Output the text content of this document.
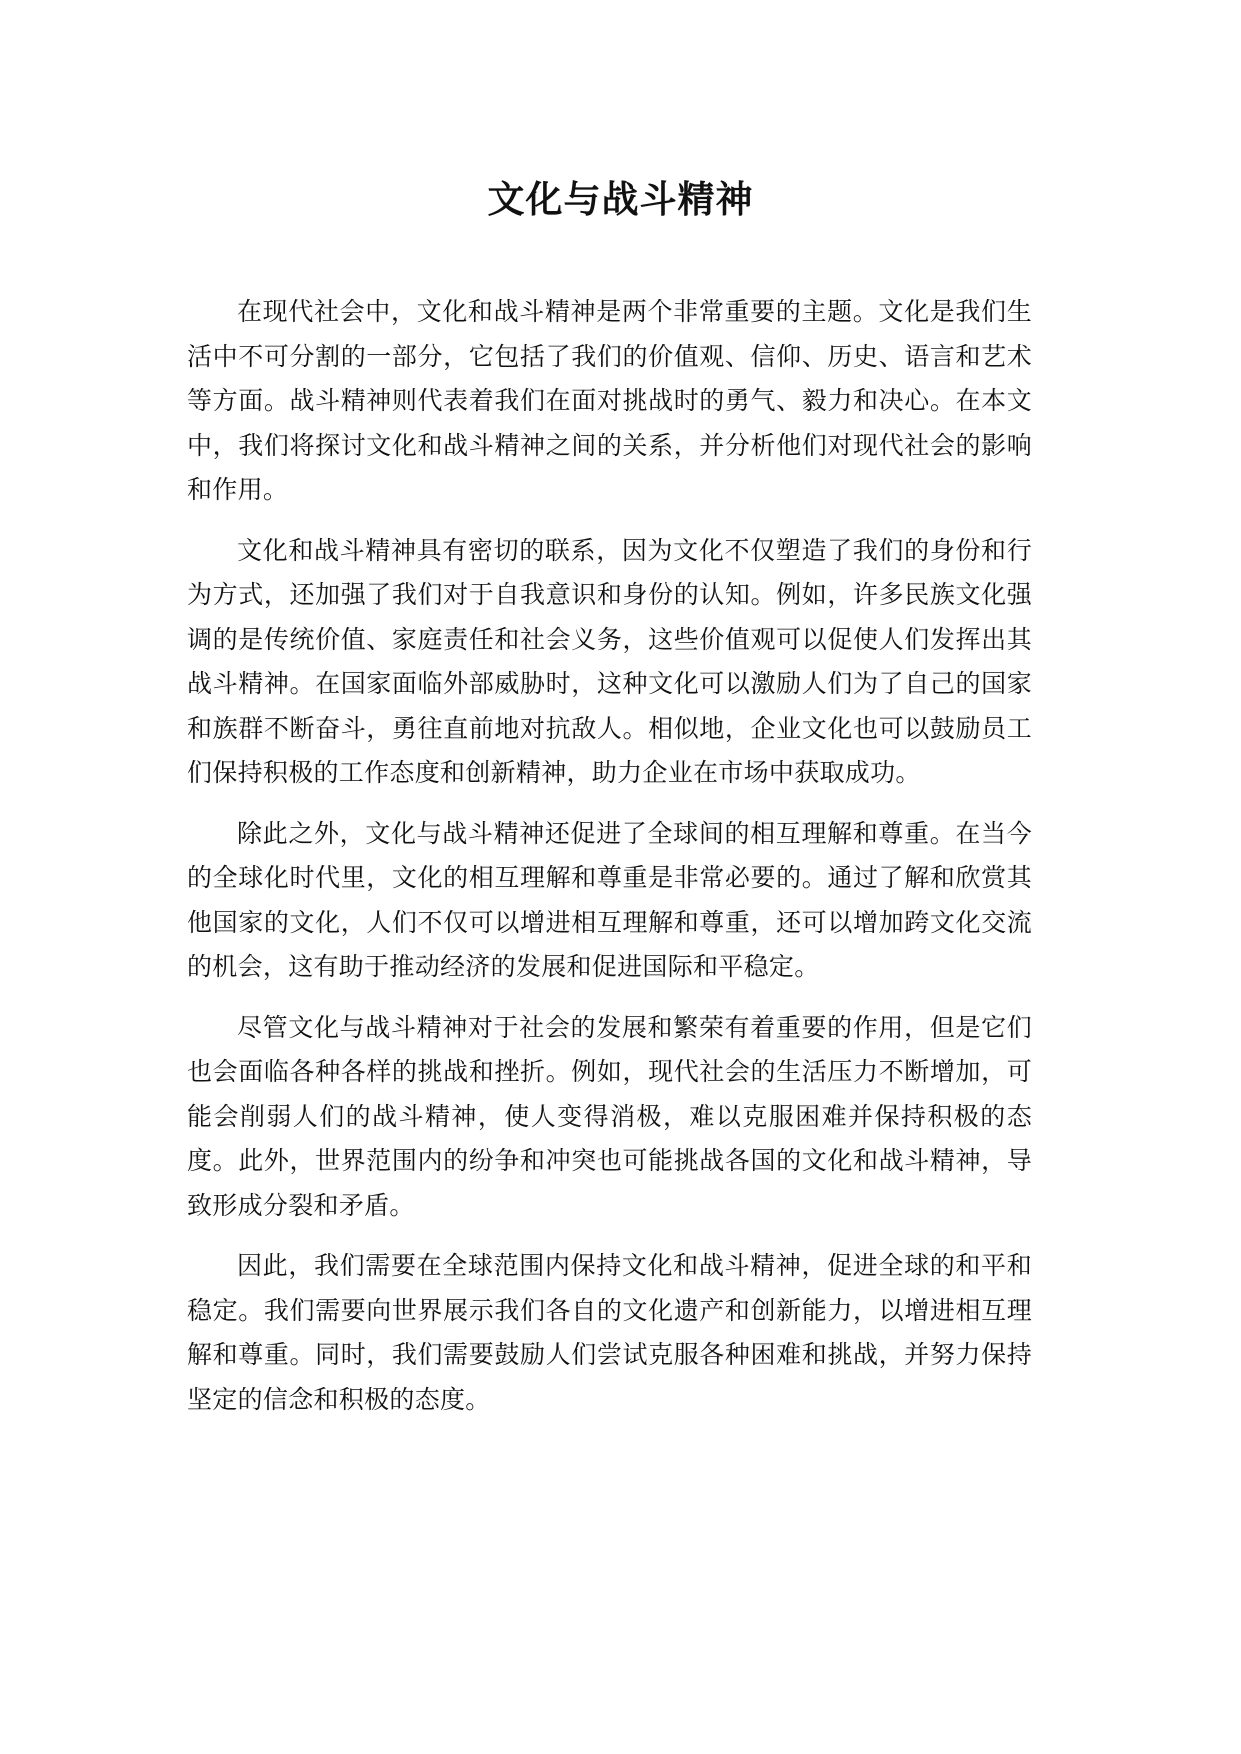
文化与战斗精神

在现代社会中，文化和战斗精神是两个非常重要的主题。文化是我们生活中不可分割的一部分，它包括了我们的价值观、信仰、历史、语言和艺术等方面。战斗精神则代表着我们在面对挑战时的勇气、毅力和决心。在本文中，我们将探讨文化和战斗精神之间的关系，并分析他们对现代社会的影响和作用。

文化和战斗精神具有密切的联系，因为文化不仅塑造了我们的身份和行为方式，还加强了我们对于自我意识和身份的认知。例如，许多民族文化强调的是传统价值、家庭责任和社会义务，这些价值观可以促使人们发挥出其战斗精神。在国家面临外部威胁时，这种文化可以激励人们为了自己的国家和族群不断奋斗，勇往直前地对抗敌人。相似地，企业文化也可以鼓励员工们保持积极的工作态度和创新精神，助力企业在市场中获取成功。

除此之外，文化与战斗精神还促进了全球间的相互理解和尊重。在当今的全球化时代里，文化的相互理解和尊重是非常必要的。通过了解和欣赏其他国家的文化，人们不仅可以增进相互理解和尊重，还可以增加跨文化交流的机会，这有助于推动经济的发展和促进国际和平稳定。

尽管文化与战斗精神对于社会的发展和繁荣有着重要的作用，但是它们也会面临各种各样的挑战和挫折。例如，现代社会的生活压力不断增加，可能会削弱人们的战斗精神，使人变得消极，难以克服困难并保持积极的态度。此外，世界范围内的纷争和冲突也可能挑战各国的文化和战斗精神，导致形成分裂和矛盾。

因此，我们需要在全球范围内保持文化和战斗精神，促进全球的和平和稳定。我们需要向世界展示我们各自的文化遗产和创新能力，以增进相互理解和尊重。同时，我们需要鼓励人们尝试克服各种困难和挑战，并努力保持坚定的信念和积极的态度。
